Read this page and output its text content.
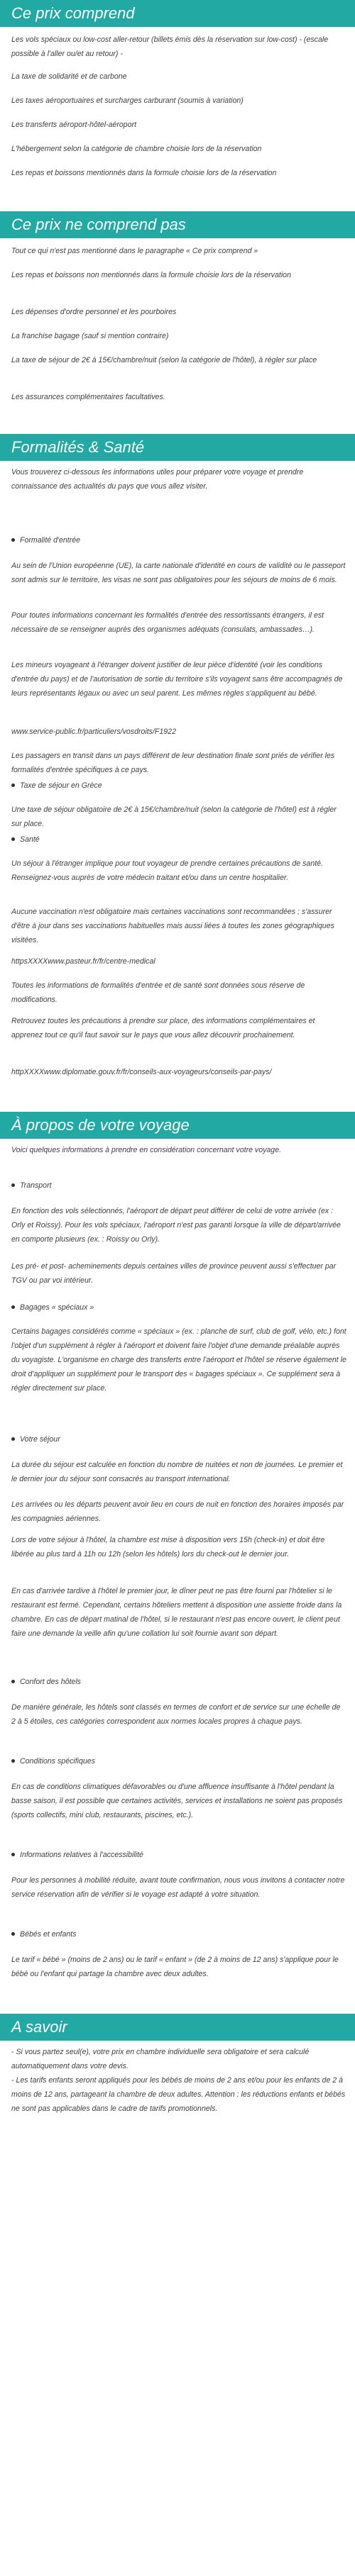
Ce prix comprend

Les vols spéciaux ou low-cost aller-retour (billets émis dès la réservation sur low-cost) - (escale possible à l'aller ou/et au retour) -

La taxe de solidarité et de carbone

Les taxes aéroportuaires et surcharges carburant (soumis à variation)

Les transferts aéroport-hôtel-aéroport

L'hébergement selon la catégorie de chambre choisie lors de la réservation

Les repas et boissons mentionnés dans la formule choisie lors de la réservation

Ce prix ne comprend pas

Tout ce qui n'est pas mentionné dans le paragraphe « Ce prix comprend »

Les repas et boissons non mentionnés dans la formule choisie lors de la réservation

Les dépenses d'ordre personnel et les pourboires

La franchise bagage (sauf si mention contraire)

La taxe de séjour de 2€ à 15€/chambre/nuit (selon la catégorie de l'hôtel), à régler sur place

Les assurances complémentaires facultatives.

Formalités & Santé

Vous trouverez ci-dessous les informations utiles pour préparer votre voyage et prendre connaissance des actualités du pays que vous allez visiter.

Formalité d'entrée

Au sein de l'Union européenne (UE), la carte nationale d'identité en cours de validité ou le passeport sont admis sur le territoire, les visas ne sont pas obligatoires pour les séjours de moins de 6 mois.

Pour toutes informations concernant les formalités d'entrée des ressortissants étrangers, il est nécessaire de se renseigner auprès des organismes adéquats (consulats, ambassades…).

Les mineurs voyageant à l'étranger doivent justifier de leur pièce d'identité (voir les conditions d'entrée du pays) et de l'autorisation de sortie du territoire s'ils voyagent sans être accompagnés de leurs représentants légaux ou avec un seul parent. Les mêmes règles s'appliquent au bébé.

www.service-public.fr/particuliers/vosdroits/F1922

Les passagers en transit dans un pays différent de leur destination finale sont priés de vérifier les formalités d'entrée spécifiques à ce pays.

Taxe de séjour en Grèce

Une taxe de séjour obligatoire de 2€ à 15€/chambre/nuit (selon la catégorie de l'hôtel) est à régler sur place.

Santé

Un séjour à l'étranger implique pour tout voyageur de prendre certaines précautions de santé. Renseignez-vous auprès de votre médecin traitant et/ou dans un centre hospitalier.

Aucune vaccination n'est obligatoire mais certaines vaccinations sont recommandées ; s'assurer d'être à jour dans ses vaccinations habituelles mais aussi liées à toutes les zones géographiques visitées.

httpsXXXXwww.pasteur.fr/fr/centre-medical

Toutes les informations de formalités d'entrée et de santé sont données sous réserve de modifications.

Retrouvez toutes les précautions à prendre sur place, des informations complémentaires et apprenez tout ce qu'il faut savoir sur le pays que vous allez découvrir prochainement.

httpXXXXwww.diplomatie.gouv.fr/fr/conseils-aux-voyageurs/conseils-par-pays/

À propos de votre voyage

Voici quelques informations à prendre en considération concernant votre voyage.

Transport

En fonction des vols sélectionnés, l'aéroport de départ peut différer de celui de votre arrivée (ex : Orly et Roissy). Pour les vols spéciaux, l'aéroport n'est pas garanti lorsque la ville de départ/arrivée en comporte plusieurs (ex. : Roissy ou Orly).

Les pré- et post- acheminements depuis certaines villes de province peuvent aussi s'effectuer par TGV ou par voi intérieur.

Bagages « spéciaux »

Certains bagages considérés comme « spéciaux » (ex. : planche de surf, club de golf, vélo, etc.) font l'objet d'un supplément à régler à l'aéroport et doivent faire l'objet d'une demande préalable auprès du voyagiste. L'organisme en charge des transferts entre l'aéroport et l'hôtel se réserve également le droit d'appliquer un supplément pour le transport des « bagages spéciaux ». Ce supplément sera à régler directement sur place.

Votre séjour

La durée du séjour est calculée en fonction du nombre de nuitées et non de journées. Le premier et le dernier jour du séjour sont consacrés au transport international.

Les arrivées ou les départs peuvent avoir lieu en cours de nuit en fonction des horaires imposés par les compagnies aériennes.

Lors de votre séjour à l'hôtel, la chambre est mise à disposition vers 15h (check-in) et doit être libérée au plus tard à 11h ou 12h (selon les hôtels) lors du check-out le dernier jour.

En cas d'arrivée tardive à l'hôtel le premier jour, le dîner peut ne pas être fourni par l'hôtelier si le restaurant est fermé. Cependant, certains hôteliers mettent à disposition une assiette froide dans la chambre. En cas de départ matinal de l'hôtel, si le restaurant n'est pas encore ouvert, le client peut faire une demande la veille afin qu'une collation lui soit fournie avant son départ.

Confort des hôtels

De manière générale, les hôtels sont classés en termes de confort et de service sur une échelle de 2 à 5 étoiles, ces catégories correspondent aux normes locales propres à chaque pays.

Conditions spécifiques

En cas de conditions climatiques défavorables ou d'une affluence insuffisante à l'hôtel pendant la basse saison, il est possible que certaines activités, services et installations ne soient pas proposés (sports collectifs, mini club, restaurants, piscines, etc.).

Informations relatives à l'accessibilité

Pour les personnes à mobilité réduite, avant toute confirmation, nous vous invitons à contacter notre service réservation afin de vérifier si le voyage est adapté à votre situation.

Bébés et enfants

Le tarif « bébé » (moins de 2 ans) ou le tarif « enfant » (de 2 à moins de 12 ans) s'applique pour le bébé ou l'enfant qui partage la chambre avec deux adultes.

A savoir

- Si vous partez seul(e), votre prix en chambre individuelle sera obligatoire et sera calculé automatiquement dans votre devis.
- Les tarifs enfants seront appliqués pour les bébés de moins de 2 ans et/ou pour les enfants de 2 à moins de 12 ans, partageant la chambre de deux adultes. Attention : les réductions enfants et bébés ne sont pas applicables dans le cadre de tarifs promotionnels.
